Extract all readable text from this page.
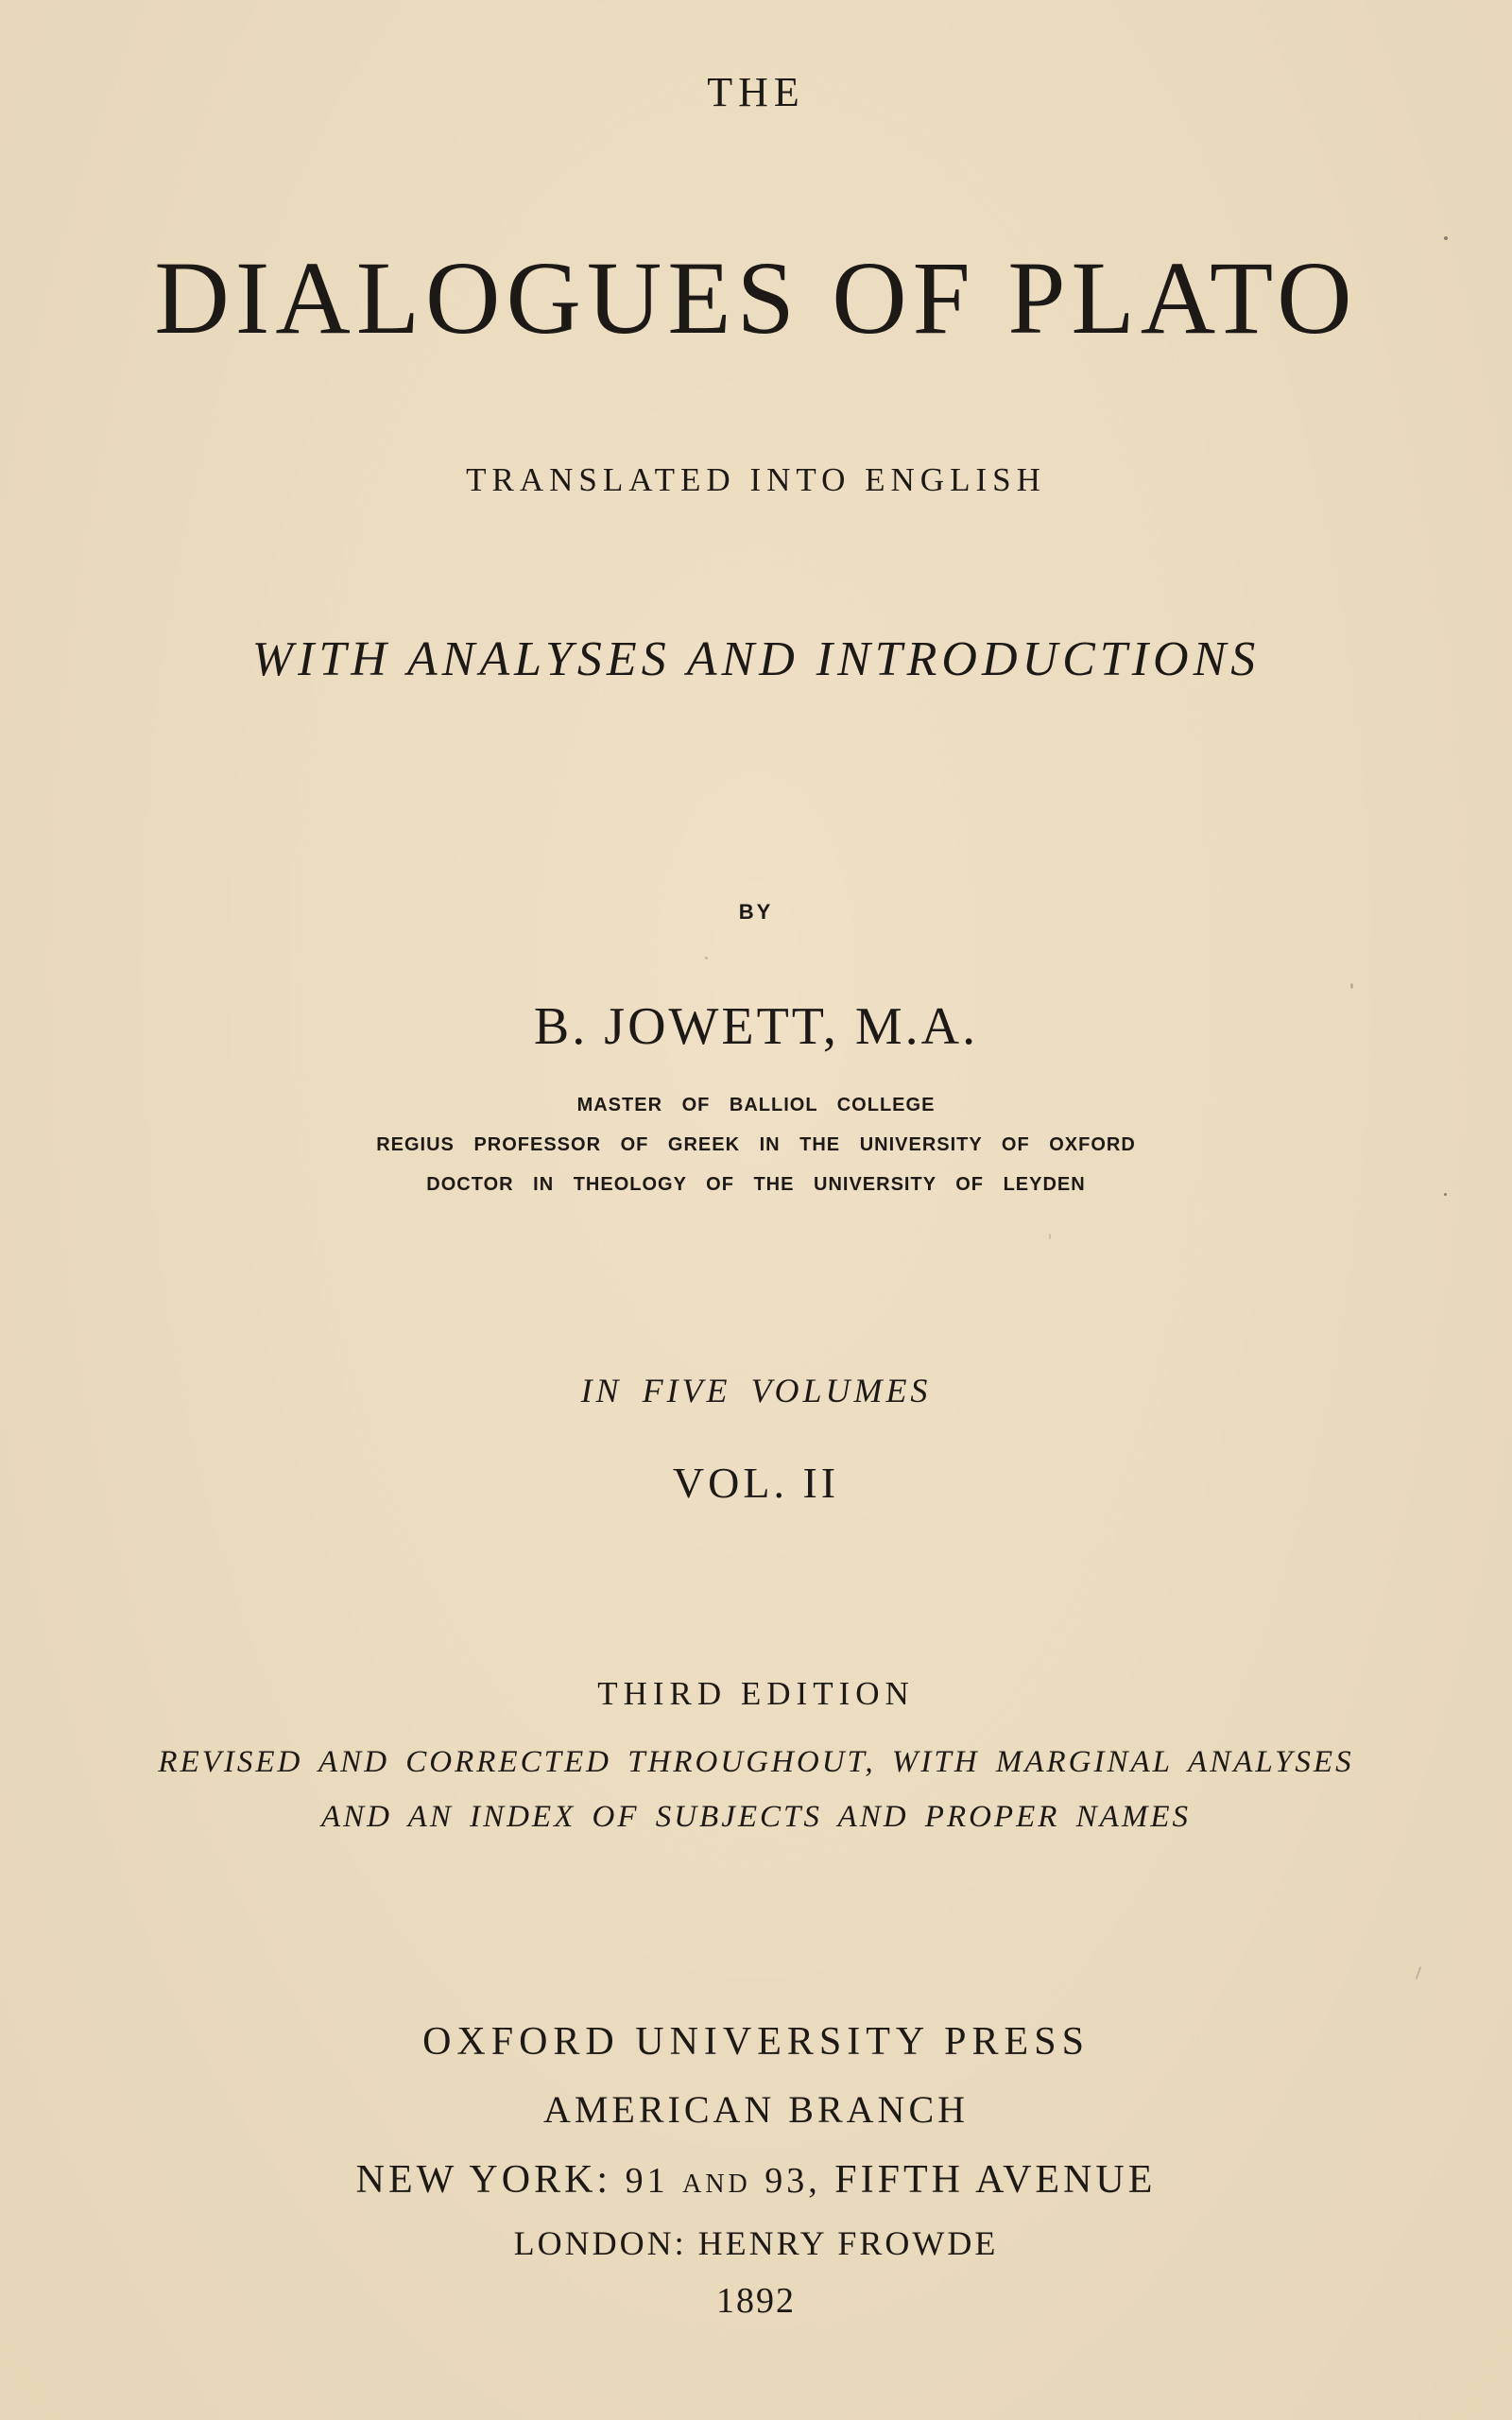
THE
DIALOGUES OF PLATO
TRANSLATED INTO ENGLISH
WITH ANALYSES AND INTRODUCTIONS
BY
B. JOWETT, M.A.
MASTER OF BALLIOL COLLEGE
REGIUS PROFESSOR OF GREEK IN THE UNIVERSITY OF OXFORD
DOCTOR IN THEOLOGY OF THE UNIVERSITY OF LEYDEN
IN FIVE VOLUMES
VOL. II
THIRD EDITION
REVISED AND CORRECTED THROUGHOUT, WITH MARGINAL ANALYSES
AND AN INDEX OF SUBJECTS AND PROPER NAMES
OXFORD UNIVERSITY PRESS
AMERICAN BRANCH
NEW YORK: 91 AND 93, FIFTH AVENUE
LONDON: HENRY FROWDE
1892
